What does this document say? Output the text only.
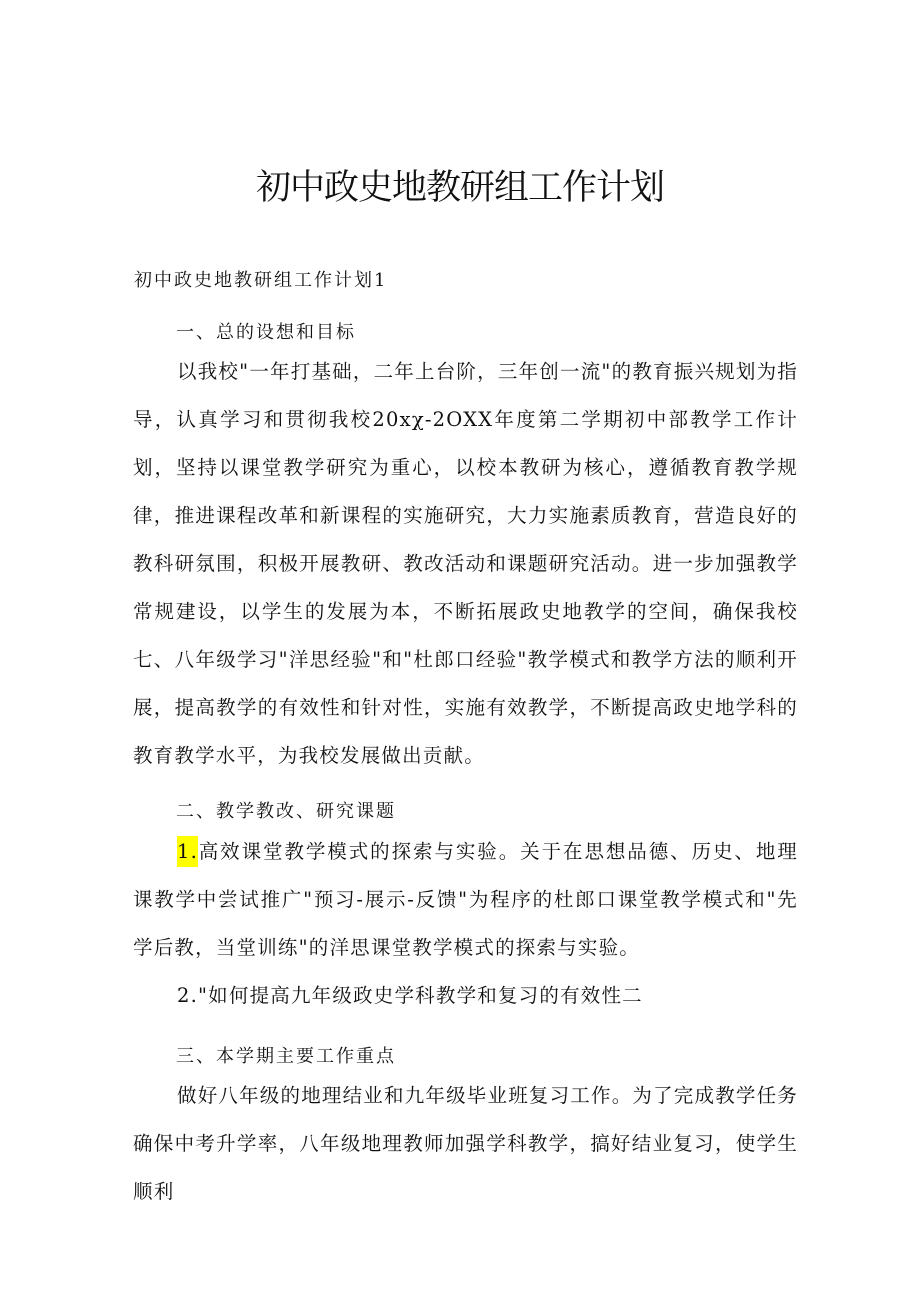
初中政史地教研组工作计划

初中政史地教研组工作计划1

一、总的设想和目标

以我校"一年打基础，二年上台阶，三年创一流"的教育振兴规划为指导，认真学习和贯彻我校20xχ-2OXX年度第二学期初中部教学工作计划，坚持以课堂教学研究为重心，以校本教研为核心，遵循教育教学规律，推进课程改革和新课程的实施研究，大力实施素质教育，营造良好的教科研氛围，积极开展教研、教改活动和课题研究活动。进一步加强教学常规建设，以学生的发展为本，不断拓展政史地教学的空间，确保我校七、八年级学习"洋思经验"和"杜郎口经验"教学模式和教学方法的顺利开展，提高教学的有效性和针对性，实施有效教学，不断提高政史地学科的教育教学水平，为我校发展做出贡献。

二、教学教改、研究课题

1.高效课堂教学模式的探索与实验。关于在思想品德、历史、地理课教学中尝试推广"预习-展示-反馈"为程序的杜郎口课堂教学模式和"先学后教，当堂训练"的洋思课堂教学模式的探索与实验。

2."如何提高九年级政史学科教学和复习的有效性二

三、本学期主要工作重点

做好八年级的地理结业和九年级毕业班复习工作。为了完成教学任务确保中考升学率，八年级地理教师加强学科教学，搞好结业复习，使学生顺利
